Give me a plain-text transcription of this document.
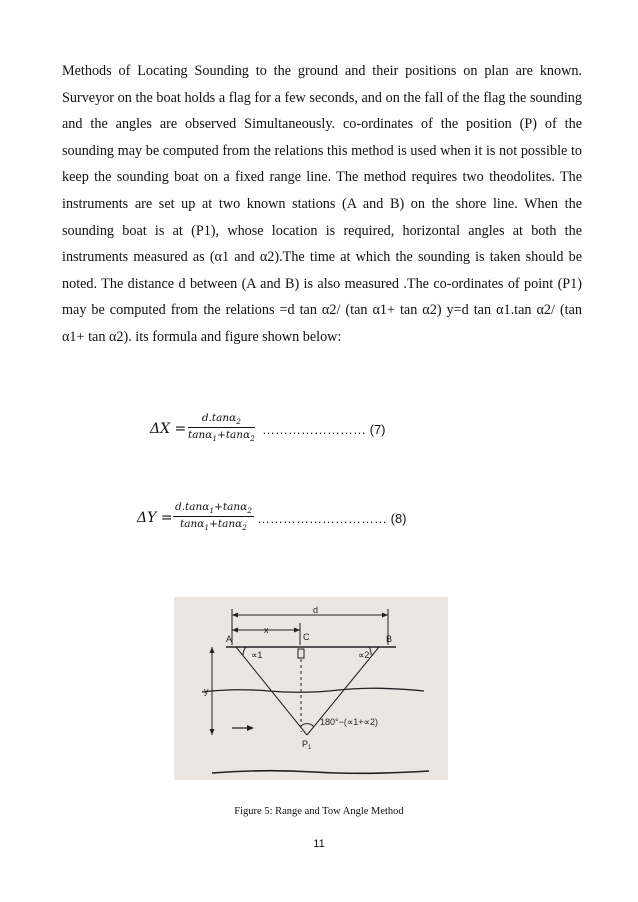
Methods of Locating Sounding to the ground and their positions on plan are known. Surveyor on the boat holds a flag for a few seconds, and on the fall of the flag the sounding and the angles are observed Simultaneously. co-ordinates of the position (P) of the sounding may be computed from the relations this method is used when it is not possible to keep the sounding boat on a fixed range line. The method requires two theodolites. The instruments are set up at two known stations (A and B) on the shore line. When the sounding boat is at (P1), whose location is required, horizontal angles at both the instruments measured as (α1 and α2).The time at which the sounding is taken should be noted. The distance d between (A and B) is also measured .The co-ordinates of point (P1) may be computed from the relations =d tan α2/ (tan α1+ tan α2) y=d tan α1.tan α2/ (tan α1+ tan α2). its formula and figure shown below:

$\Delta X = \frac{d.\tan\alpha_2}{\tan\alpha_1+\tan\alpha_2}$ …………………… (7)
$\Delta Y = \frac{d.\tan\alpha_1+\tan\alpha_2}{\tan\alpha_1+\tan\alpha_2}$ ………………………… (8)
d
x
A	B
C
∝1	∝2
180°−(∝1+∝2)
$P_1$
y
Figure 5: Range and Tow Angle Method
11
